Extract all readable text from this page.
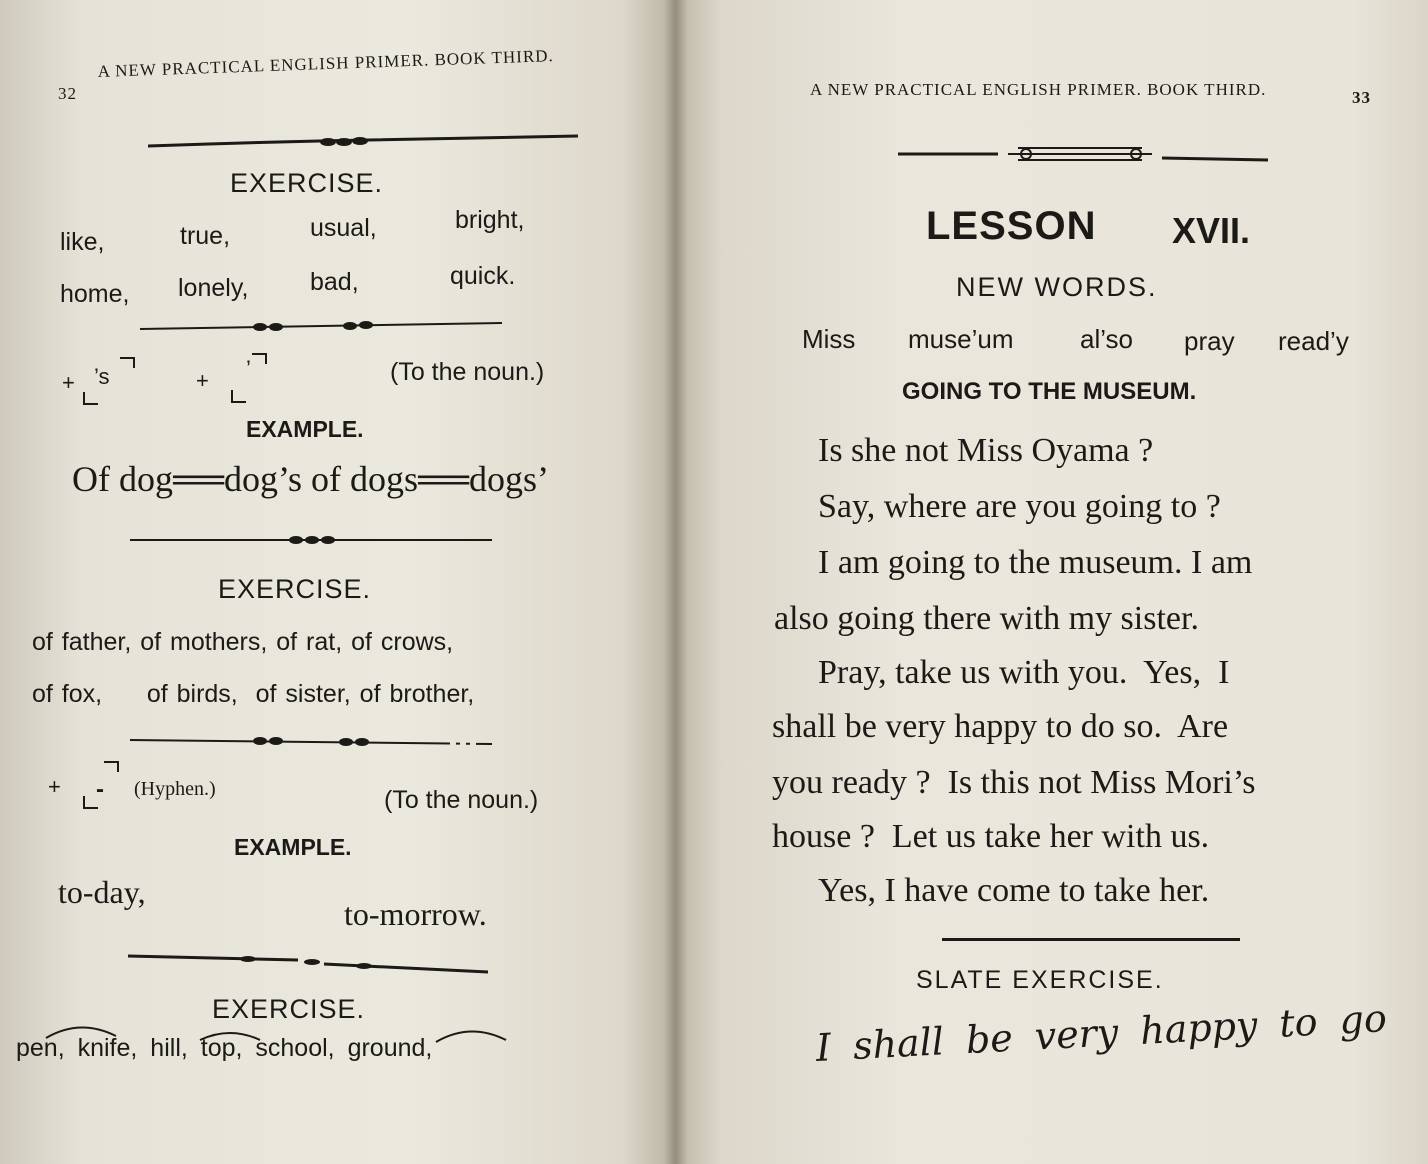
32
A NEW PRACTICAL ENGLISH PRIMER. BOOK THIRD.
EXERCISE.
like,	true,	usual,	bright,
home, lonely, bad,	quick.
+ ’s	+ ’	(To the noun.)
EXAMPLE.
Of dog══dog’s of dogs══dogs’
EXERCISE.
of father, of mothers, of rat, of crows,
of fox,     of birds,  of sister, of brother,
+ - (Hyphen.)	(To the noun.)
EXAMPLE.
to-day,
to-morrow.
EXERCISE.
pen, knife, hill, top, school, ground,
A NEW PRACTICAL ENGLISH PRIMER. BOOK THIRD.	33
LESSON XVII.
NEW WORDS.
Miss muse’um	al’so pray read’y
GOING TO THE MUSEUM.
Is she not Miss Oyama ?
Say, where are you going to ?
I am going to the museum. I am
also going there with my sister.
Pray, take us with you.  Yes,  I
shall be very happy to do so.  Are
you ready ?  Is this not Miss Mori’s
house ?  Let us take her with us.
Yes, I have come to take her.
SLATE EXERCISE.
I shall be very happy to go
